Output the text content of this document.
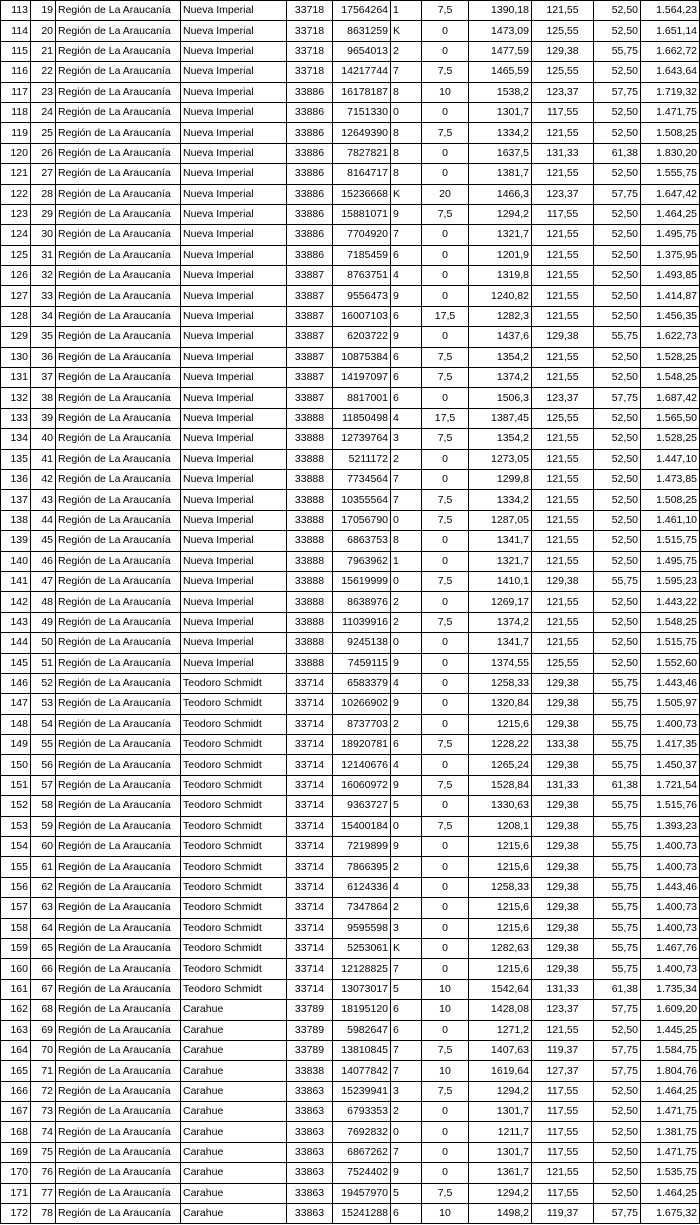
113	19	Región de La Araucanía	Nueva Imperial	33718	17564264	1	7,5	1390,18	121,55	52,50	1.564,23
114	20	Región de La Araucanía	Nueva Imperial	33718	8631259	K	0	1473,09	125,55	52,50	1.651,14
115	21	Región de La Araucanía	Nueva Imperial	33718	9654013	2	0	1477,59	129,38	55,75	1.662,72
116	22	Región de La Araucanía	Nueva Imperial	33718	14217744	7	7,5	1465,59	125,55	52,50	1.643,64
117	23	Región de La Araucanía	Nueva Imperial	33886	16178187	8	10	1538,2	123,37	57,75	1.719,32
118	24	Región de La Araucanía	Nueva Imperial	33886	7151330	0	0	1301,7	117,55	52,50	1.471,75
119	25	Región de La Araucanía	Nueva Imperial	33886	12649390	8	7,5	1334,2	121,55	52,50	1.508,25
120	26	Región de La Araucanía	Nueva Imperial	33886	7827821	8	0	1637,5	131,33	61,38	1.830,20
121	27	Región de La Araucanía	Nueva Imperial	33886	8164717	8	0	1381,7	121,55	52,50	1.555,75
122	28	Región de La Araucanía	Nueva Imperial	33886	15236668	K	20	1466,3	123,37	57,75	1.647,42
123	29	Región de La Araucanía	Nueva Imperial	33886	15881071	9	7,5	1294,2	117,55	52,50	1.464,25
124	30	Región de La Araucanía	Nueva Imperial	33886	7704920	7	0	1321,7	121,55	52,50	1.495,75
125	31	Región de La Araucanía	Nueva Imperial	33886	7185459	6	0	1201,9	121,55	52,50	1.375,95
126	32	Región de La Araucanía	Nueva Imperial	33887	8763751	4	0	1319,8	121,55	52,50	1.493,85
127	33	Región de La Araucanía	Nueva Imperial	33887	9556473	9	0	1240,82	121,55	52,50	1.414,87
128	34	Región de La Araucanía	Nueva Imperial	33887	16007103	6	17,5	1282,3	121,55	52,50	1.456,35
129	35	Región de La Araucanía	Nueva Imperial	33887	6203722	9	0	1437,6	129,38	55,75	1.622,73
130	36	Región de La Araucanía	Nueva Imperial	33887	10875384	6	7,5	1354,2	121,55	52,50	1.528,25
131	37	Región de La Araucanía	Nueva Imperial	33887	14197097	6	7,5	1374,2	121,55	52,50	1.548,25
132	38	Región de La Araucanía	Nueva Imperial	33887	8817001	6	0	1506,3	123,37	57,75	1.687,42
133	39	Región de La Araucanía	Nueva Imperial	33888	11850498	4	17,5	1387,45	125,55	52,50	1.565,50
134	40	Región de La Araucanía	Nueva Imperial	33888	12739764	3	7,5	1354,2	121,55	52,50	1.528,25
135	41	Región de La Araucanía	Nueva Imperial	33888	5211172	2	0	1273,05	121,55	52,50	1.447,10
136	42	Región de La Araucanía	Nueva Imperial	33888	7734564	7	0	1299,8	121,55	52,50	1.473,85
137	43	Región de La Araucanía	Nueva Imperial	33888	10355564	7	7,5	1334,2	121,55	52,50	1.508,25
138	44	Región de La Araucanía	Nueva Imperial	33888	17056790	0	7,5	1287,05	121,55	52,50	1.461,10
139	45	Región de La Araucanía	Nueva Imperial	33888	6863753	8	0	1341,7	121,55	52,50	1.515,75
140	46	Región de La Araucanía	Nueva Imperial	33888	7963962	1	0	1321,7	121,55	52,50	1.495,75
141	47	Región de La Araucanía	Nueva Imperial	33888	15619999	0	7,5	1410,1	129,38	55,75	1.595,23
142	48	Región de La Araucanía	Nueva Imperial	33888	8638976	2	0	1269,17	121,55	52,50	1.443,22
143	49	Región de La Araucanía	Nueva Imperial	33888	11039916	2	7,5	1374,2	121,55	52,50	1.548,25
144	50	Región de La Araucanía	Nueva Imperial	33888	9245138	0	0	1341,7	121,55	52,50	1.515,75
145	51	Región de La Araucanía	Nueva Imperial	33888	7459115	9	0	1374,55	125,55	52,50	1.552,60
146	52	Región de La Araucanía	Teodoro Schmidt	33714	6583379	4	0	1258,33	129,38	55,75	1.443,46
147	53	Región de La Araucanía	Teodoro Schmidt	33714	10266902	9	0	1320,84	129,38	55,75	1.505,97
148	54	Región de La Araucanía	Teodoro Schmidt	33714	8737703	2	0	1215,6	129,38	55,75	1.400,73
149	55	Región de La Araucanía	Teodoro Schmidt	33714	18920781	6	7,5	1228,22	133,38	55,75	1.417,35
150	56	Región de La Araucanía	Teodoro Schmidt	33714	12140676	4	0	1265,24	129,38	55,75	1.450,37
151	57	Región de La Araucanía	Teodoro Schmidt	33714	16060972	9	7,5	1528,84	131,33	61,38	1.721,54
152	58	Región de La Araucanía	Teodoro Schmidt	33714	9363727	5	0	1330,63	129,38	55,75	1.515,76
153	59	Región de La Araucanía	Teodoro Schmidt	33714	15400184	0	7,5	1208,1	129,38	55,75	1.393,23
154	60	Región de La Araucanía	Teodoro Schmidt	33714	7219899	9	0	1215,6	129,38	55,75	1.400,73
155	61	Región de La Araucanía	Teodoro Schmidt	33714	7866395	2	0	1215,6	129,38	55,75	1.400,73
156	62	Región de La Araucanía	Teodoro Schmidt	33714	6124336	4	0	1258,33	129,38	55,75	1.443,46
157	63	Región de La Araucanía	Teodoro Schmidt	33714	7347864	2	0	1215,6	129,38	55,75	1.400,73
158	64	Región de La Araucanía	Teodoro Schmidt	33714	9595598	3	0	1215,6	129,38	55,75	1.400,73
159	65	Región de La Araucanía	Teodoro Schmidt	33714	5253061	K	0	1282,63	129,38	55,75	1.467,76
160	66	Región de La Araucanía	Teodoro Schmidt	33714	12128825	7	0	1215,6	129,38	55,75	1.400,73
161	67	Región de La Araucanía	Teodoro Schmidt	33714	13073017	5	10	1542,64	131,33	61,38	1.735,34
162	68	Región de La Araucanía	Carahue	33789	18195120	6	10	1428,08	123,37	57,75	1.609,20
163	69	Región de La Araucanía	Carahue	33789	5982647	6	0	1271,2	121,55	52,50	1.445,25
164	70	Región de La Araucanía	Carahue	33789	13810845	7	7,5	1407,63	119,37	57,75	1.584,75
165	71	Región de La Araucanía	Carahue	33838	14077842	7	10	1619,64	127,37	57,75	1.804,76
166	72	Región de La Araucanía	Carahue	33863	15239941	3	7,5	1294,2	117,55	52,50	1.464,25
167	73	Región de La Araucanía	Carahue	33863	6793353	2	0	1301,7	117,55	52,50	1.471,75
168	74	Región de La Araucanía	Carahue	33863	7692832	0	0	1211,7	117,55	52,50	1.381,75
169	75	Región de La Araucanía	Carahue	33863	6867262	7	0	1301,7	117,55	52,50	1.471,75
170	76	Región de La Araucanía	Carahue	33863	7524402	9	0	1361,7	121,55	52,50	1.535,75
171	77	Región de La Araucanía	Carahue	33863	19457970	5	7,5	1294,2	117,55	52,50	1.464,25
172	78	Región de La Araucanía	Carahue	33863	15241288	6	10	1498,2	119,37	57,75	1.675,32
